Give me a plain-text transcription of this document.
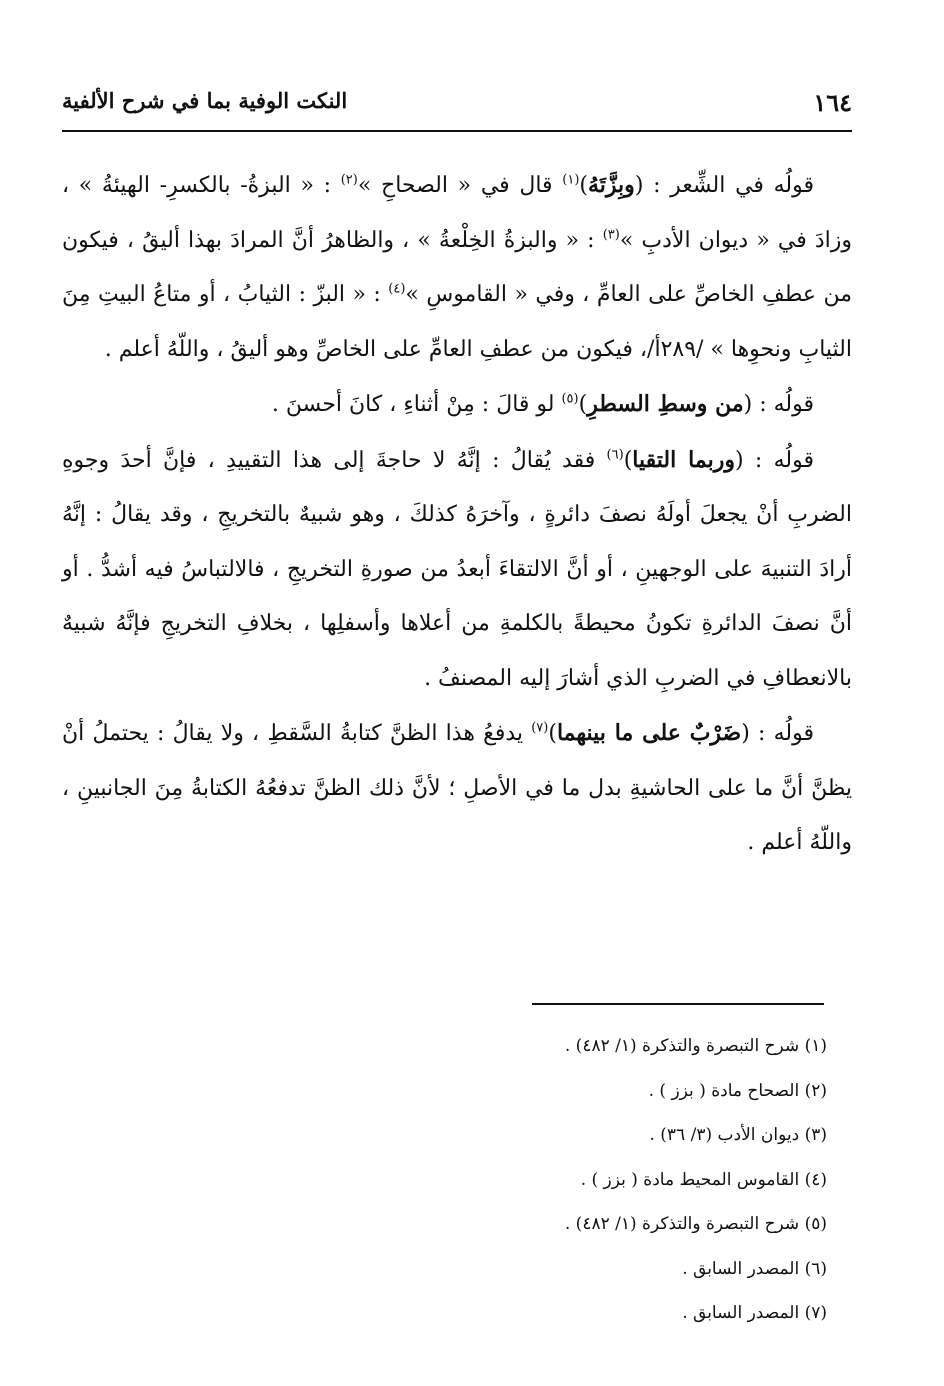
١٦٤
النكت الوفية بما في شرح الألفية

قولُه في الشِّعر : (وبِزَّتَهُ)$^{(١)}$ قال في « الصحاحِ »$^{(٢)}$ : « البزةُ- بالكسرِ- الهيئةُ » ، وزادَ في « ديوان الأدبِ »$^{(٣)}$ : « والبزةُ الخِلْعةُ » ، والظاهرُ أنَّ المرادَ بهذا أليقُ ، فيكون من عطفِ الخاصِّ على العامِّ ، وفي « القاموسِ »$^{(٤)}$ : « البزّ : الثيابُ ، أو متاعُ البيتِ مِنَ الثيابِ ونحوِها » /٢٨٩أ/، فيكون من عطفِ العامِّ على الخاصِّ وهو أليقُ ، واللّهُ أعلم .

قولُه : (من وسطِ السطرِ)$^{(٥)}$ لو قالَ : مِنْ أثناءِ ، كانَ أحسنَ .

قولُه : (وربما التقيا)$^{(٦)}$ فقد يُقالُ : إنَّهُ لا حاجةَ إلى هذا التقييدِ ، فإنَّ أحدَ وجوهِ الضربِ أنْ يجعلَ أولَهُ نصفَ دائرةٍ ، وآخرَهُ كذلكَ ، وهو شبيهٌ بالتخريجِ ، وقد يقالُ : إنَّهُ أرادَ التنبيهَ على الوجهينِ ، أو أنَّ الالتقاءَ أبعدُ من صورةِ التخريجِ ، فالالتباسُ فيه أشدُّ . أو أنَّ نصفَ الدائرةِ تكونُ محيطةً بالكلمةِ من أعلاها وأسفلِها ، بخلافِ التخريجِ فإنَّهُ شبيهٌ بالانعطافِ في الضربِ الذي أشارَ إليه المصنفُ .

قولُه : (ضَرْبٌ على ما بينهما)$^{(٧)}$ يدفعُ هذا الظنَّ كتابةُ السَّقطِ ، ولا يقالُ : يحتملُ أنْ يظنَّ أنَّ ما على الحاشيةِ بدل ما في الأصلِ ؛ لأنَّ ذلك الظنَّ تدفعُهُ الكتابةُ مِنَ الجانبينِ ، واللّهُ أعلم .

(١) شرح التبصرة والتذكرة (١/ ٤٨٢) .

(٢) الصحاح مادة ( بزز ) .

(٣) ديوان الأدب (٣/ ٣٦) .

(٤) القاموس المحيط مادة ( بزز ) .

(٥) شرح التبصرة والتذكرة (١/ ٤٨٢) .

(٦) المصدر السابق .

(٧) المصدر السابق .
